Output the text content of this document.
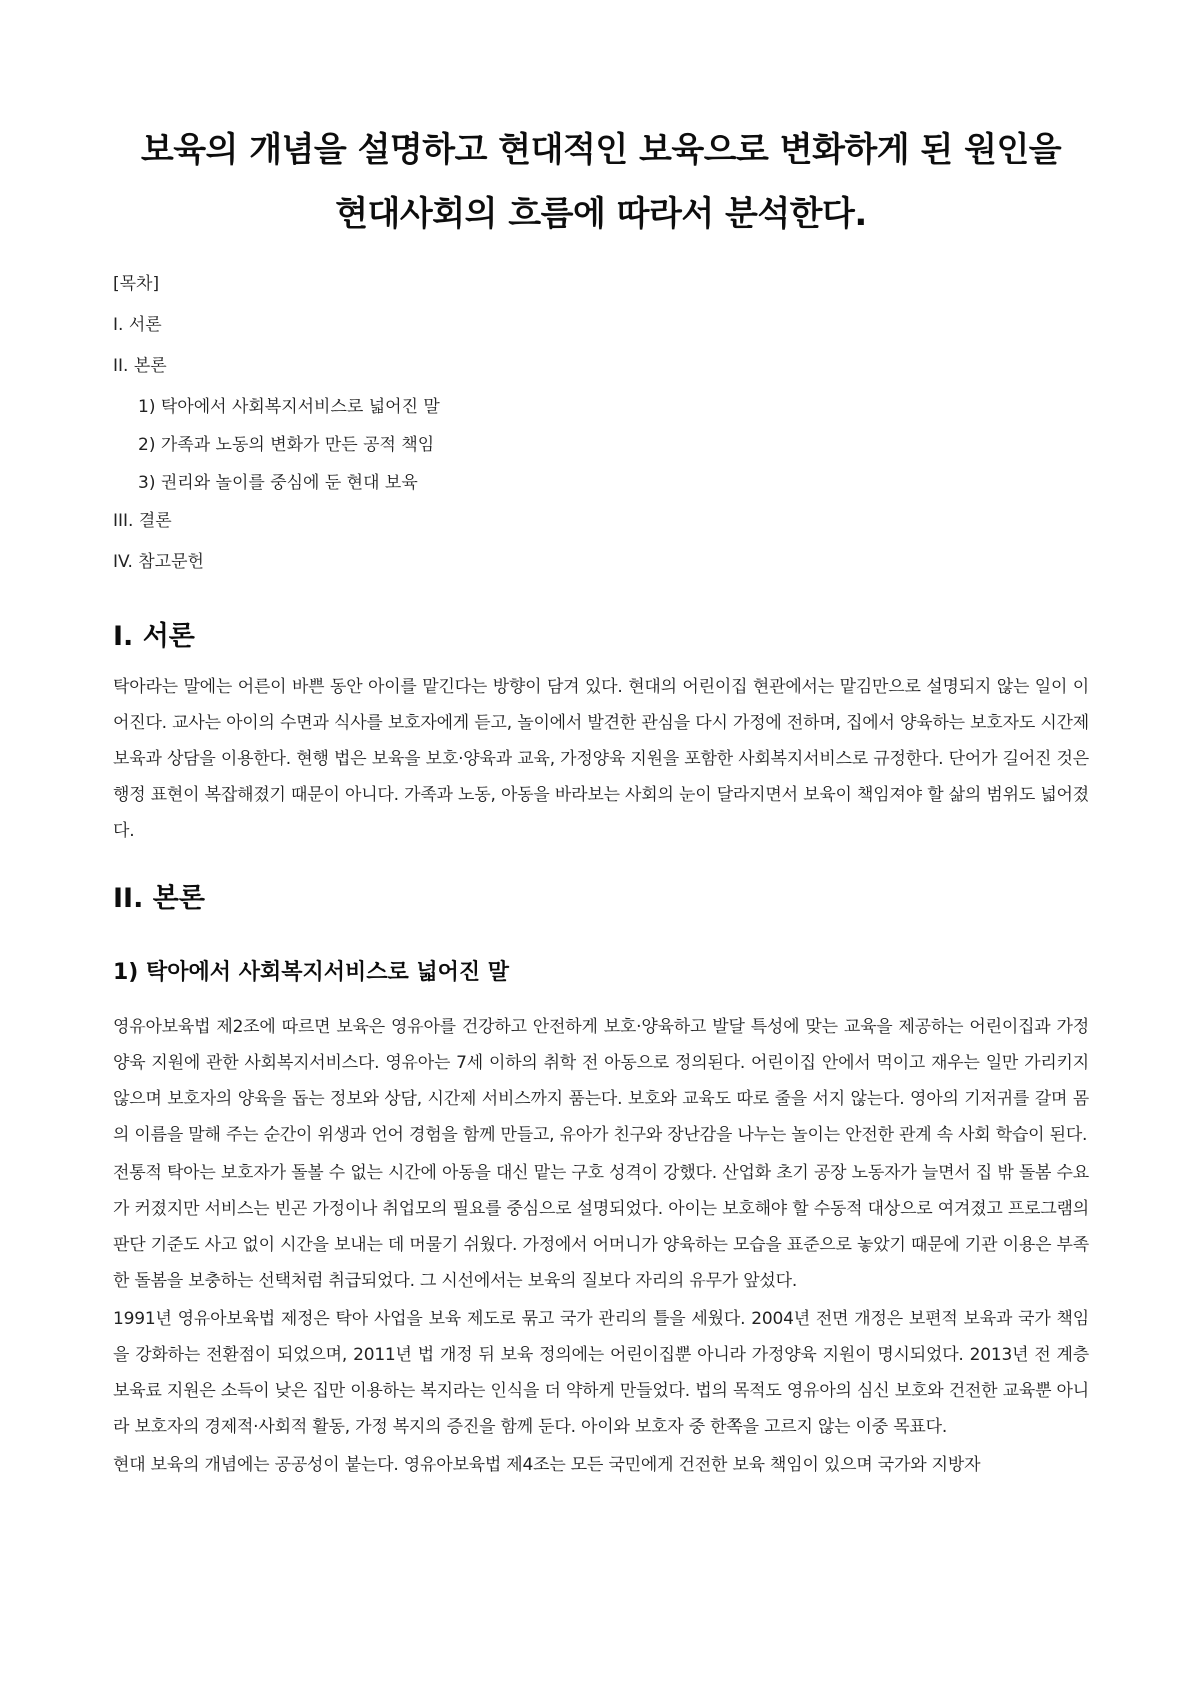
보육의 개념을 설명하고 현대적인 보육으로 변화하게 된 원인을
현대사회의 흐름에 따라서 분석한다.
[목차]
I. 서론
II. 본론
1) 탁아에서 사회복지서비스로 넓어진 말
2) 가족과 노동의 변화가 만든 공적 책임
3) 권리와 놀이를 중심에 둔 현대 보육
III. 결론
IV. 참고문헌
I. 서론

탁아라는 말에는 어른이 바쁜 동안 아이를 맡긴다는 방향이 담겨 있다. 현대의 어린이집 현관에서는 맡김만으로 설명되지 않는 일이 이어진다. 교사는 아이의 수면과 식사를 보호자에게 듣고, 놀이에서 발견한 관심을 다시 가정에 전하며, 집에서 양육하는 보호자도 시간제보육과 상담을 이용한다. 현행 법은 보육을 보호·양육과 교육, 가정양육 지원을 포함한 사회복지서비스로 규정한다. 단어가 길어진 것은 행정 표현이 복잡해졌기 때문이 아니다. 가족과 노동, 아동을 바라보는 사회의 눈이 달라지면서 보육이 책임져야 할 삶의 범위도 넓어졌다.

II. 본론
1) 탁아에서 사회복지서비스로 넓어진 말

영유아보육법 제2조에 따르면 보육은 영유아를 건강하고 안전하게 보호·양육하고 발달 특성에 맞는 교육을 제공하는 어린이집과 가정양육 지원에 관한 사회복지서비스다. 영유아는 7세 이하의 취학 전 아동으로 정의된다. 어린이집 안에서 먹이고 재우는 일만 가리키지 않으며 보호자의 양육을 돕는 정보와 상담, 시간제 서비스까지 품는다. 보호와 교육도 따로 줄을 서지 않는다. 영아의 기저귀를 갈며 몸의 이름을 말해 주는 순간이 위생과 언어 경험을 함께 만들고, 유아가 친구와 장난감을 나누는 놀이는 안전한 관계 속 사회 학습이 된다.

전통적 탁아는 보호자가 돌볼 수 없는 시간에 아동을 대신 맡는 구호 성격이 강했다. 산업화 초기 공장 노동자가 늘면서 집 밖 돌봄 수요가 커졌지만 서비스는 빈곤 가정이나 취업모의 필요를 중심으로 설명되었다. 아이는 보호해야 할 수동적 대상으로 여겨졌고 프로그램의 판단 기준도 사고 없이 시간을 보내는 데 머물기 쉬웠다. 가정에서 어머니가 양육하는 모습을 표준으로 놓았기 때문에 기관 이용은 부족한 돌봄을 보충하는 선택처럼 취급되었다. 그 시선에서는 보육의 질보다 자리의 유무가 앞섰다.

1991년 영유아보육법 제정은 탁아 사업을 보육 제도로 묶고 국가 관리의 틀을 세웠다. 2004년 전면 개정은 보편적 보육과 국가 책임을 강화하는 전환점이 되었으며, 2011년 법 개정 뒤 보육 정의에는 어린이집뿐 아니라 가정양육 지원이 명시되었다. 2013년 전 계층 보육료 지원은 소득이 낮은 집만 이용하는 복지라는 인식을 더 약하게 만들었다. 법의 목적도 영유아의 심신 보호와 건전한 교육뿐 아니라 보호자의 경제적·사회적 활동, 가정 복지의 증진을 함께 둔다. 아이와 보호자 중 한쪽을 고르지 않는 이중 목표다.

현대 보육의 개념에는 공공성이 붙는다. 영유아보육법 제4조는 모든 국민에게 건전한 보육 책임이 있으며 국가와 지방자
